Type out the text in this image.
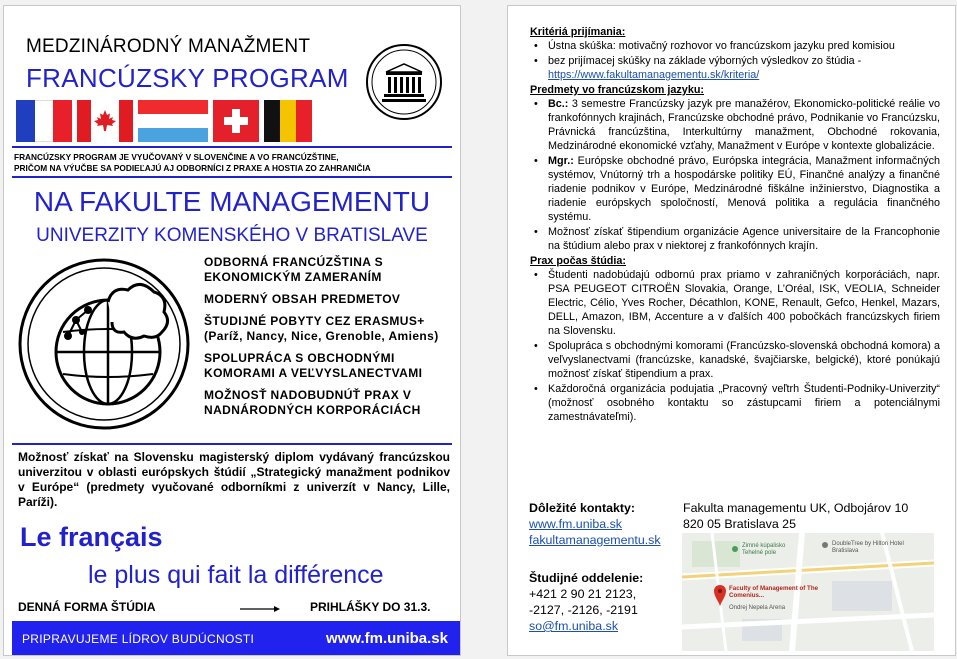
MEDZINÁRODNÝ MANAŽMENT
FRANCÚZSKY PROGRAM
FRANCÚZSKY PROGRAM JE VYUČOVANÝ V SLOVENČINE A VO FRANCÚZŠTINE,
PRIČOM NA VÝUČBE SA PODIEĽAJÚ AJ ODBORNÍCI Z PRAXE A HOSTIA ZO ZAHRANIČIA
NA FAKULTE MANAGEMENTU
UNIVERZITY KOMENSKÉHO V BRATISLAVE
ODBORNÁ FRANCÚZŠTINA S EKONOMICKÝM ZAMERANÍM
MODERNÝ OBSAH PREDMETOV
ŠTUDIJNÉ POBYTY CEZ ERASMUS+ (Paríž, Nancy, Nice, Grenoble, Amiens)
SPOLUPRÁCA S OBCHODNÝMI KOMORAMI A VEĽVYSLANECTVAMI
MOŽNOSŤ NADOBUDNÚŤ PRAX V NADNÁRODNÝCH KORPORÁCIÁCH
Možnosť získať na Slovensku magisterský diplom vydávaný francúzskou univerzitou v oblasti európskych štúdií „Strategický manažment podnikov v Európe“ (predmety vyučované odborníkmi z univerzít v Nancy, Lille, Paríži).
Le français
le plus qui fait la différence
DENNÁ FORMA ŠTÚDIA	PRIHLÁŠKY DO 31.3.
PRIPRAVUJEME LÍDROV BUDÚCNOSTI	www.fm.uniba.sk
Kritériá prijímania:
• Ústna skúška: motivačný rozhovor vo francúzskom jazyku pred komisiou
• bez prijímacej skúšky na základe výborných výsledkov zo štúdia -
https://www.fakultamanagementu.sk/kriteria/
Predmety vo francúzskom jazyku:
• Bc.: 3 semestre Francúzsky jazyk pre manažérov, Ekonomicko-politické reálie vo frankofónnych krajinách, Francúzske obchodné právo, Podnikanie vo Francúzsku, Právnická francúzština, Interkultúrny manažment, Obchodné rokovania, Medzinárodné ekonomické vzťahy, Manažment v Európe v kontexte globalizácie.
• Mgr.: Európske obchodné právo, Európska integrácia, Manažment informačných systémov, Vnútorný trh a hospodárske politiky EÚ, Finančné analýzy a finančné riadenie podnikov v Európe, Medzinárodné fiškálne inžinierstvo, Diagnostika a riadenie európskych spoločností, Menová politika a regulácia finančného systému.
• Možnosť získať štipendium organizácie Agence universitaire de la Francophonie na štúdium alebo prax v niektorej z frankofónnych krajín.
Prax počas štúdia:
• Študenti nadobúdajú odbornú prax priamo v zahraničných korporáciách, napr. PSA PEUGEOT CITROËN Slovakia, Orange, L’Oréal, ISK, VEOLIA, Schneider Electric, Célio, Yves Rocher, Décathlon, KONE, Renault, Gefco, Henkel, Mazars, DELL, Amazon, IBM, Accenture a v ďalších 400 pobočkách francúzskych firiem na Slovensku.
• Spolupráca s obchodnými komorami (Francúzsko-slovenská obchodná komora) a veľvyslanectvami (francúzske, kanadské, švajčiarske, belgické), ktoré ponúkajú možnosť získať štipendium a prax.
• Každoročná organizácia podujatia „Pracovný veľtrh Študenti-Podniky-Univerzity“ (možnosť osobného kontaktu so zástupcami firiem a potenciálnymi zamestnávateľmi).
Dôležité kontakty:
www.fm.uniba.sk
fakultamanagementu.sk
Študijné oddelenie:
+421 2 90 21 2123,
-2127, -2126, -2191
so@fm.uniba.sk
Fakulta managementu UK, Odbojárov 10
820 05 Bratislava 25
Faculty of Management of The Comenius...
DoubleTree by Hilton Hotel Bratislava
Zimné kúpalisko Tehelné pole
Ondrej Nepela Arena
